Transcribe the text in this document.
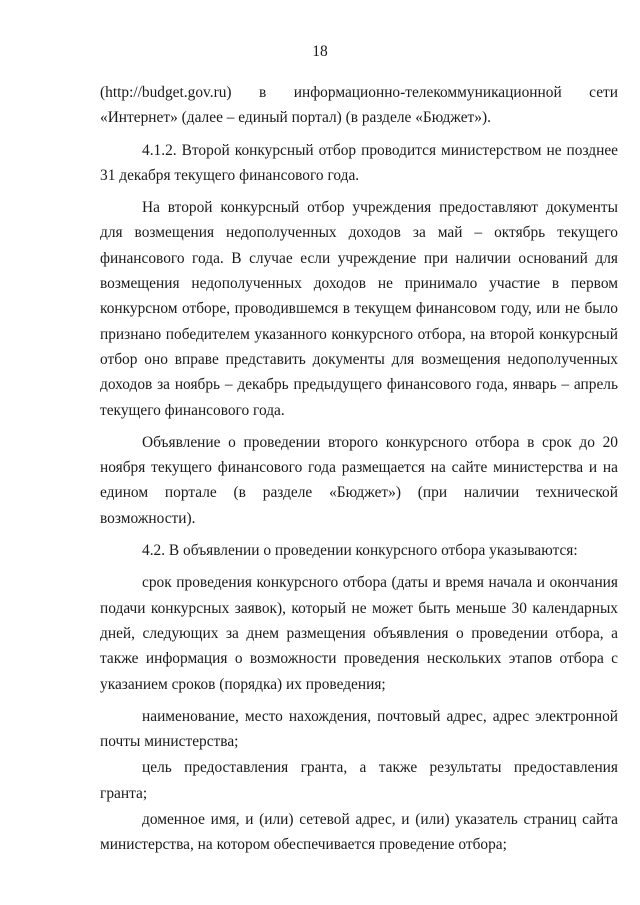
18

(http://budget.gov.ru) в информационно-телекоммуникационной сети «Интернет» (далее – единый портал) (в разделе «Бюджет»).

4.1.2. Второй конкурсный отбор проводится министерством не позднее 31 декабря текущего финансового года.

На второй конкурсный отбор учреждения предоставляют документы для возмещения недополученных доходов за май – октябрь текущего финансового года. В случае если учреждение при наличии оснований для возмещения недополученных доходов не принимало участие в первом конкурсном отборе, проводившемся в текущем финансовом году, или не было признано победителем указанного конкурсного отбора, на второй конкурсный отбор оно вправе представить документы для возмещения недополученных доходов за ноябрь – декабрь предыдущего финансового года, январь – апрель текущего финансового года.

Объявление о проведении второго конкурсного отбора в срок до 20 ноября текущего финансового года размещается на сайте министерства и на едином портале (в разделе «Бюджет») (при наличии технической возможности).

4.2. В объявлении о проведении конкурсного отбора указываются:

срок проведения конкурсного отбора (даты и время начала и окончания подачи конкурсных заявок), который не может быть меньше 30 календарных дней, следующих за днем размещения объявления о проведении отбора, а также информация о возможности проведения нескольких этапов отбора с указанием сроков (порядка) их проведения;

наименование, место нахождения, почтовый адрес, адрес электронной почты министерства;

цель предоставления гранта, а также результаты предоставления гранта;

доменное имя, и (или) сетевой адрес, и (или) указатель страниц сайта министерства, на котором обеспечивается проведение отбора;
